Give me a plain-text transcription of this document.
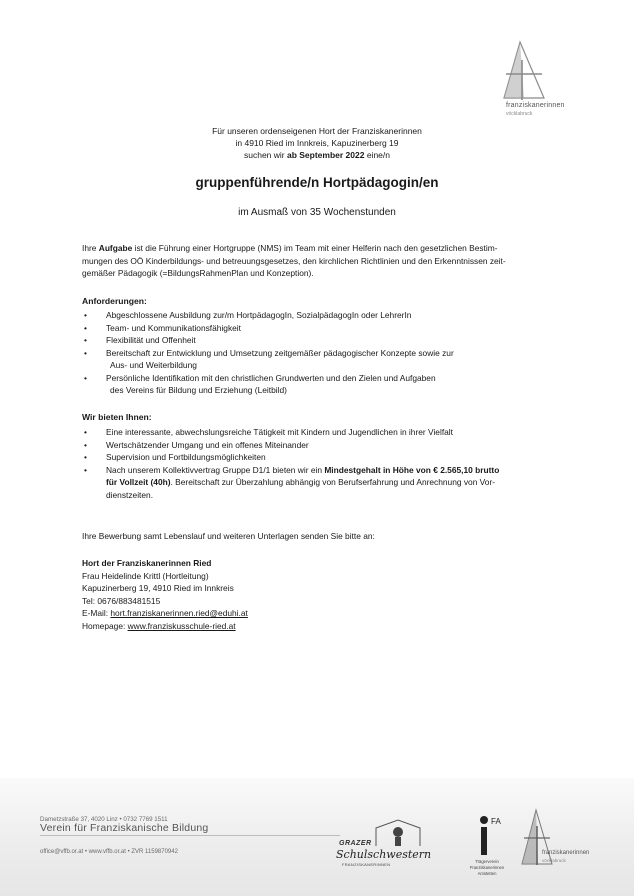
franziskanerinnen
vöcklabruck
Für unseren ordenseigenen Hort der Franziskanerinnen
in 4910 Ried im Innkreis, Kapuzinerberg 19
suchen wir ab September 2022 eine/n
gruppenführende/n Hortpädagogin/en
im Ausmaß von 35 Wochenstunden
Ihre Aufgabe ist die Führung einer Hortgruppe (NMS) im Team mit einer Helferin nach den gesetzlichen Bestim-
mungen des OÖ Kinderbildungs- und betreuungsgesetzes, den kirchlichen Richtlinien und den Erkenntnissen zeit-
gemäßer Pädagogik (=BildungsRahmenPlan und Konzeption).
Anforderungen:
•	Abgeschlossene Ausbildung zur/m HortpädagogIn, SozialpädagogIn oder LehrerIn
•	Team- und Kommunikationsfähigkeit
•	Flexibilität und Offenheit
•	Bereitschaft zur Entwicklung und Umsetzung zeitgemäßer pädagogischer Konzepte sowie zur
Aus- und Weiterbildung
•	Persönliche Identifikation mit den christlichen Grundwerten und den Zielen und Aufgaben
des Vereins für Bildung und Erziehung (Leitbild)
Wir bieten Ihnen:
•	Eine interessante, abwechslungsreiche Tätigkeit mit Kindern und Jugendlichen in ihrer Vielfalt
•	Wertschätzender Umgang und ein offenes Miteinander
•	Supervision und Fortbildungsmöglichkeiten
•	Nach unserem Kollektivvertrag Gruppe D1/1 bieten wir ein Mindestgehalt in Höhe von € 2.565,10 brutto
für Vollzeit (40h). Bereitschaft zur Überzahlung abhängig von Berufserfahrung und Anrechnung von Vor-
dienstzeiten.
Ihre Bewerbung samt Lebenslauf und weiteren Unterlagen senden Sie bitte an:
Hort der Franziskanerinnen Ried
Frau Heidelinde Krittl (Hortleitung)
Kapuzinerberg 19, 4910 Ried im Innkreis
Tel: 0676/883481515
E-Mail: hort.franziskanerinnen.ried@eduhi.at
Homepage: www.franziskusschule-ried.at
Dametzstraße 37, 4020 Linz • 0732 7769 1511
Verein für Franziskanische Bildung
office@vffb.or.at • www.vffb.or.at • ZVR 1159870942
GRAZER
Schulschwestern
FRANZISKANERINNEN
FA
Trägerverein
Franziskanerinnen
Amstetten
franziskanerinnen
vöcklabruck
